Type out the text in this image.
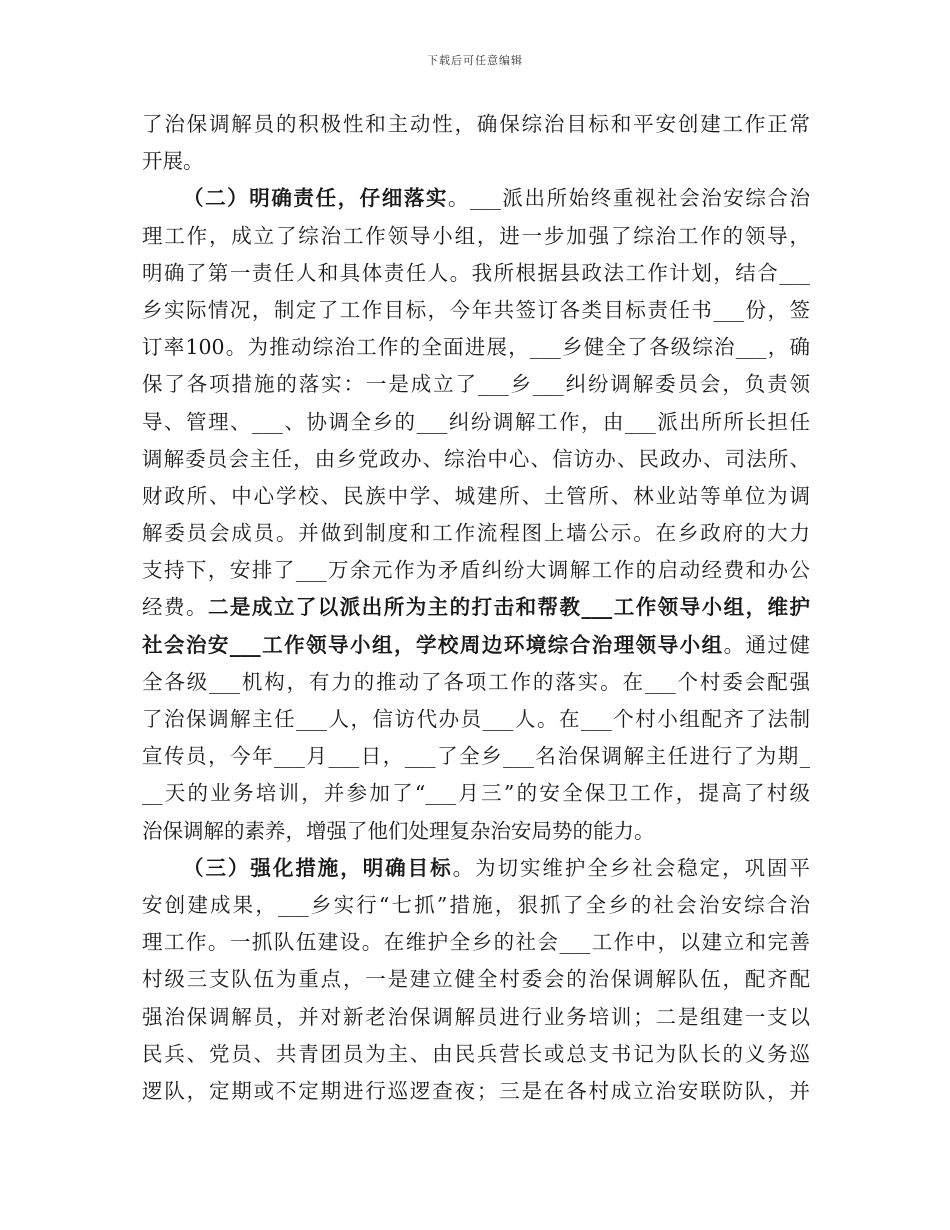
下载后可任意编辑
了治保调解员的积极性和主动性，确保综治目标和平安创建工作正常
开展。
（二）明确责任，仔细落实。___派出所始终重视社会治安综合治
理工作，成立了综治工作领导小组，进一步加强了综治工作的领导，
明确了第一责任人和具体责任人。我所根据县政法工作计划，结合___
乡实际情况，制定了工作目标，今年共签订各类目标责任书___份，签
订率100。为推动综治工作的全面进展，___乡健全了各级综治___，确
保了各项措施的落实：一是成立了___乡___纠纷调解委员会，负责领
导、管理、___、协调全乡的___纠纷调解工作，由___派出所所长担任
调解委员会主任，由乡党政办、综治中心、信访办、民政办、司法所、
财政所、中心学校、民族中学、城建所、土管所、林业站等单位为调
解委员会成员。并做到制度和工作流程图上墙公示。在乡政府的大力
支持下，安排了___万余元作为矛盾纠纷大调解工作的启动经费和办公
经费。二是成立了以派出所为主的打击和帮教___工作领导小组，维护
社会治安___工作领导小组，学校周边环境综合治理领导小组。通过健
全各级___机构，有力的推动了各项工作的落实。在___个村委会配强
了治保调解主任___人，信访代办员___人。在___个村小组配齐了法制
宣传员，今年___月___日，___了全乡___名治保调解主任进行了为期_
__天的业务培训，并参加了“___月三”的安全保卫工作，提高了村级
治保调解的素养，增强了他们处理复杂治安局势的能力。
（三）强化措施，明确目标。为切实维护全乡社会稳定，巩固平
安创建成果，___乡实行“七抓”措施，狠抓了全乡的社会治安综合治
理工作。一抓队伍建设。在维护全乡的社会___工作中，以建立和完善
村级三支队伍为重点，一是建立健全村委会的治保调解队伍，配齐配
强治保调解员，并对新老治保调解员进行业务培训；二是组建一支以
民兵、党员、共青团员为主、由民兵营长或总支书记为队长的义务巡
逻队，定期或不定期进行巡逻查夜；三是在各村成立治安联防队，并
